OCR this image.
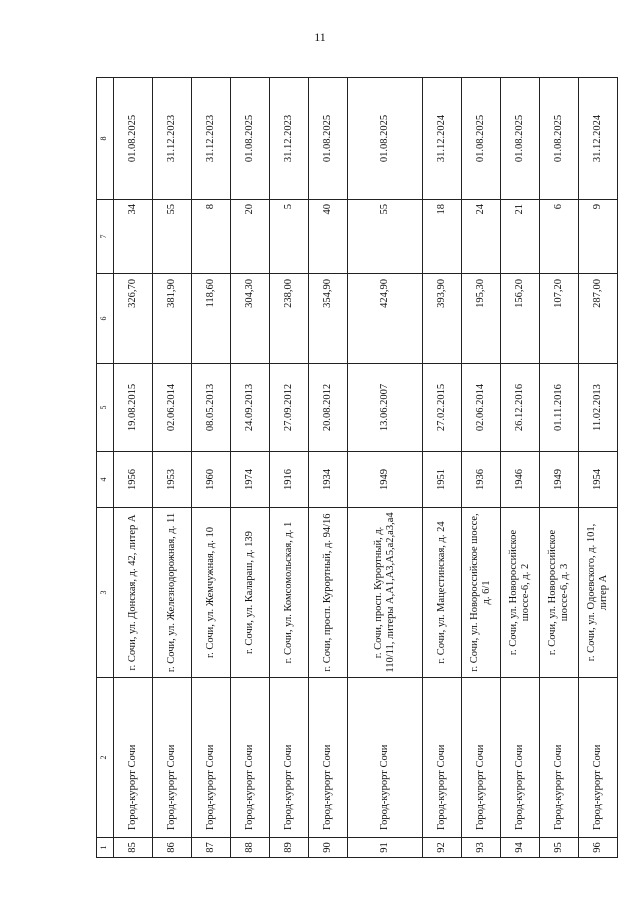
11
1	2	3	4	5	6	7	8
85	Город-курорт Сочи	г. Сочи, ул. Донская, д. 42, литер А	1956	19.08.2015	326,70	34	01.08.2025
86	Город-курорт Сочи	г. Сочи, ул. Железнодорожная, д. 11	1953	02.06.2014	381,90	55	31.12.2023
87	Город-курорт Сочи	г. Сочи, ул. Жемчужная, д. 10	1960	08.05.2013	118,60	8	31.12.2023
88	Город-курорт Сочи	г. Сочи, ул. Калараш, д. 139	1974	24.09.2013	304,30	20	01.08.2025
89	Город-курорт Сочи	г. Сочи, ул. Комсомольская, д. 1	1916	27.09.2012	238,00	5	31.12.2023
90	Город-курорт Сочи	г. Сочи, просп. Курортный, д. 94/16	1934	20.08.2012	354,90	40	01.08.2025
91	Город-курорт Сочи	г. Сочи, просп. Курортный, д. 110/11, литеры А,А1,А3,А5,а2,а3,а4	1949	13.06.2007	424,90	55	01.08.2025
92	Город-курорт Сочи	г. Сочи, ул. Мацестинская, д. 24	1951	27.02.2015	393,90	18	31.12.2024
93	Город-курорт Сочи	г. Сочи, ул. Новороссийское шоссе, д. 6/1	1936	02.06.2014	195,30	24	01.08.2025
94	Город-курорт Сочи	г. Сочи, ул. Новороссийское шоссе-6, д. 2	1946	26.12.2016	156,20	21	01.08.2025
95	Город-курорт Сочи	г. Сочи, ул. Новороссийское шоссе-6, д. 3	1949	01.11.2016	107,20	6	01.08.2025
96	Город-курорт Сочи	г. Сочи, ул. Одоевского, д. 101, литер А	1954	11.02.2013	287,00	9	31.12.2024
